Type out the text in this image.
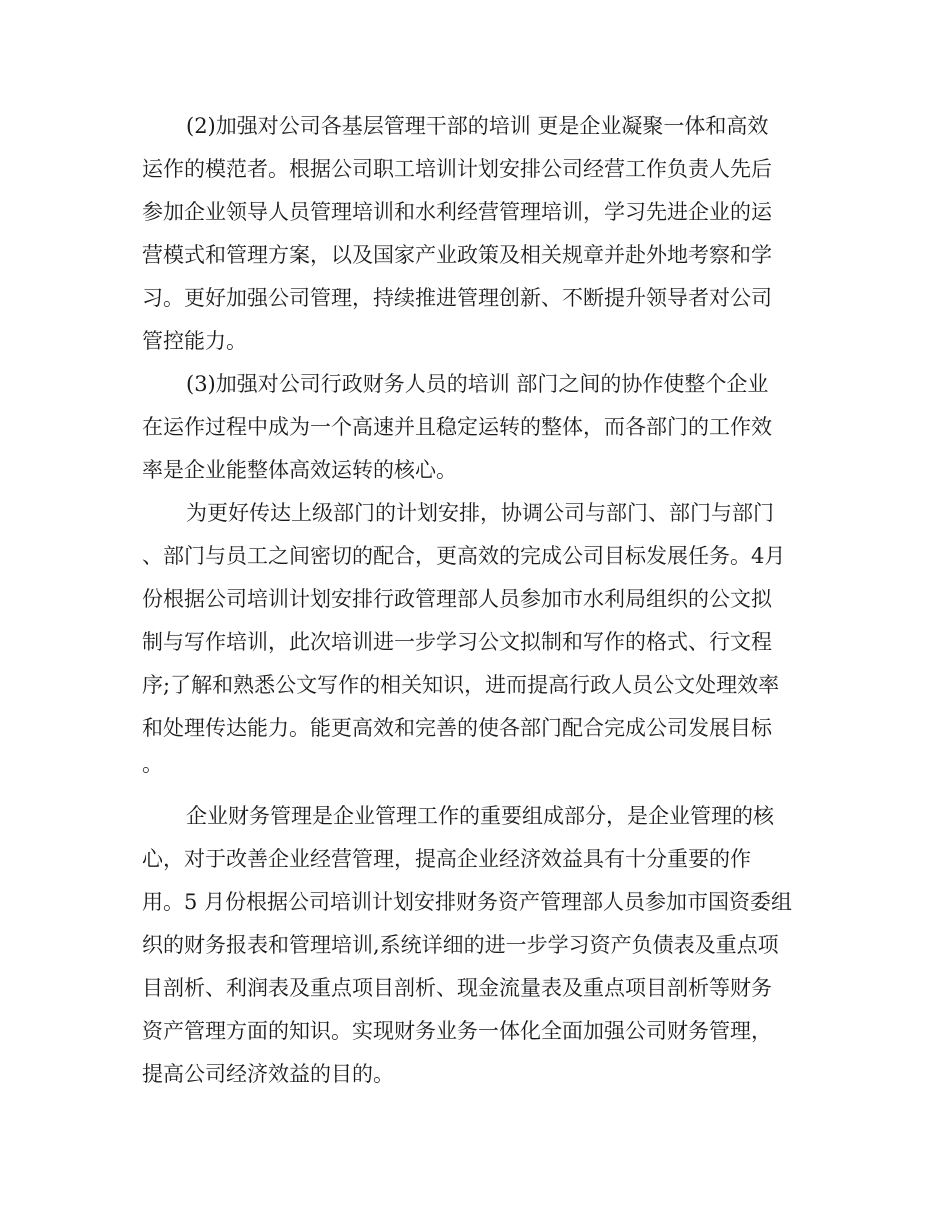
(2)加强对公司各基层管理干部的培训 更是企业凝聚一体和高效
运作的模范者。根据公司职工培训计划安排公司经营工作负责人先后
参加企业领导人员管理培训和水利经营管理培训，学习先进企业的运
营模式和管理方案，以及国家产业政策及相关规章并赴外地考察和学
习。更好加强公司管理，持续推进管理创新、不断提升领导者对公司
管控能力。
(3)加强对公司行政财务人员的培训 部门之间的协作使整个企业
在运作过程中成为一个高速并且稳定运转的整体，而各部门的工作效
率是企业能整体高效运转的核心。
为更好传达上级部门的计划安排，协调公司与部门、部门与部门
、部门与员工之间密切的配合，更高效的完成公司目标发展任务。4月
份根据公司培训计划安排行政管理部人员参加市水利局组织的公文拟
制与写作培训，此次培训进一步学习公文拟制和写作的格式、行文程
序;了解和熟悉公文写作的相关知识，进而提高行政人员公文处理效率
和处理传达能力。能更高效和完善的使各部门配合完成公司发展目标
。
企业财务管理是企业管理工作的重要组成部分，是企业管理的核
心，对于改善企业经营管理，提高企业经济效益具有十分重要的作
用。5 月份根据公司培训计划安排财务资产管理部人员参加市国资委组
织的财务报表和管理培训,系统详细的进一步学习资产负债表及重点项
目剖析、利润表及重点项目剖析、现金流量表及重点项目剖析等财务
资产管理方面的知识。实现财务业务一体化全面加强公司财务管理，
提高公司经济效益的目的。
